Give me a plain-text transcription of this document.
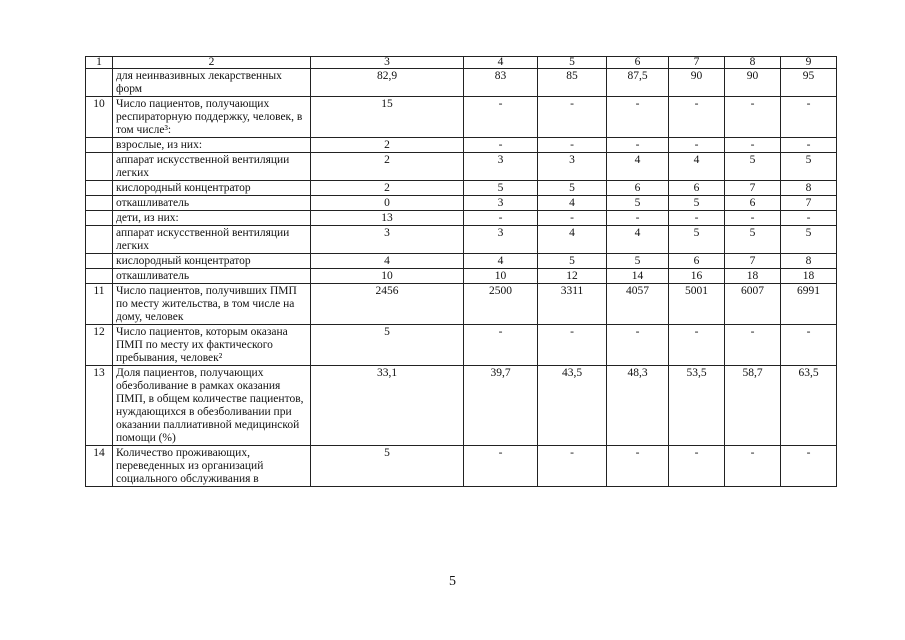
1	2	3	4	5	6	7	8	9
	для неинвазивных лекарственных форм	82,9	83	85	87,5	90	90	95
10	Число пациентов, получающих респираторную поддержку, человек, в том числе³:	15	-	-	-	-	-	-
	взрослые, из них:	2	-	-	-	-	-	-
	аппарат искусственной вентиляции легких	2	3	3	4	4	5	5
	кислородный концентратор	2	5	5	6	6	7	8
	откашливатель	0	3	4	5	5	6	7
	дети, из них:	13	-	-	-	-	-	-
	аппарат искусственной вентиляции легких	3	3	4	4	5	5	5
	кислородный концентратор	4	4	5	5	6	7	8
	откашливатель	10	10	12	14	16	18	18
11	Число пациентов, получивших ПМП по месту жительства, в том числе на дому, человек	2456	2500	3311	4057	5001	6007	6991
12	Число пациентов, которым оказана ПМП по месту их фактического пребывания, человек²	5	-	-	-	-	-	-
13	Доля пациентов, получающих обезболивание в рамках оказания ПМП, в общем количестве пациентов, нуждающихся в обезболивании при оказании паллиативной медицинской помощи (%)	33,1	39,7	43,5	48,3	53,5	58,7	63,5
14	Количество проживающих, переведенных из организаций социального обслуживания в	5	-	-	-	-	-	-
5
